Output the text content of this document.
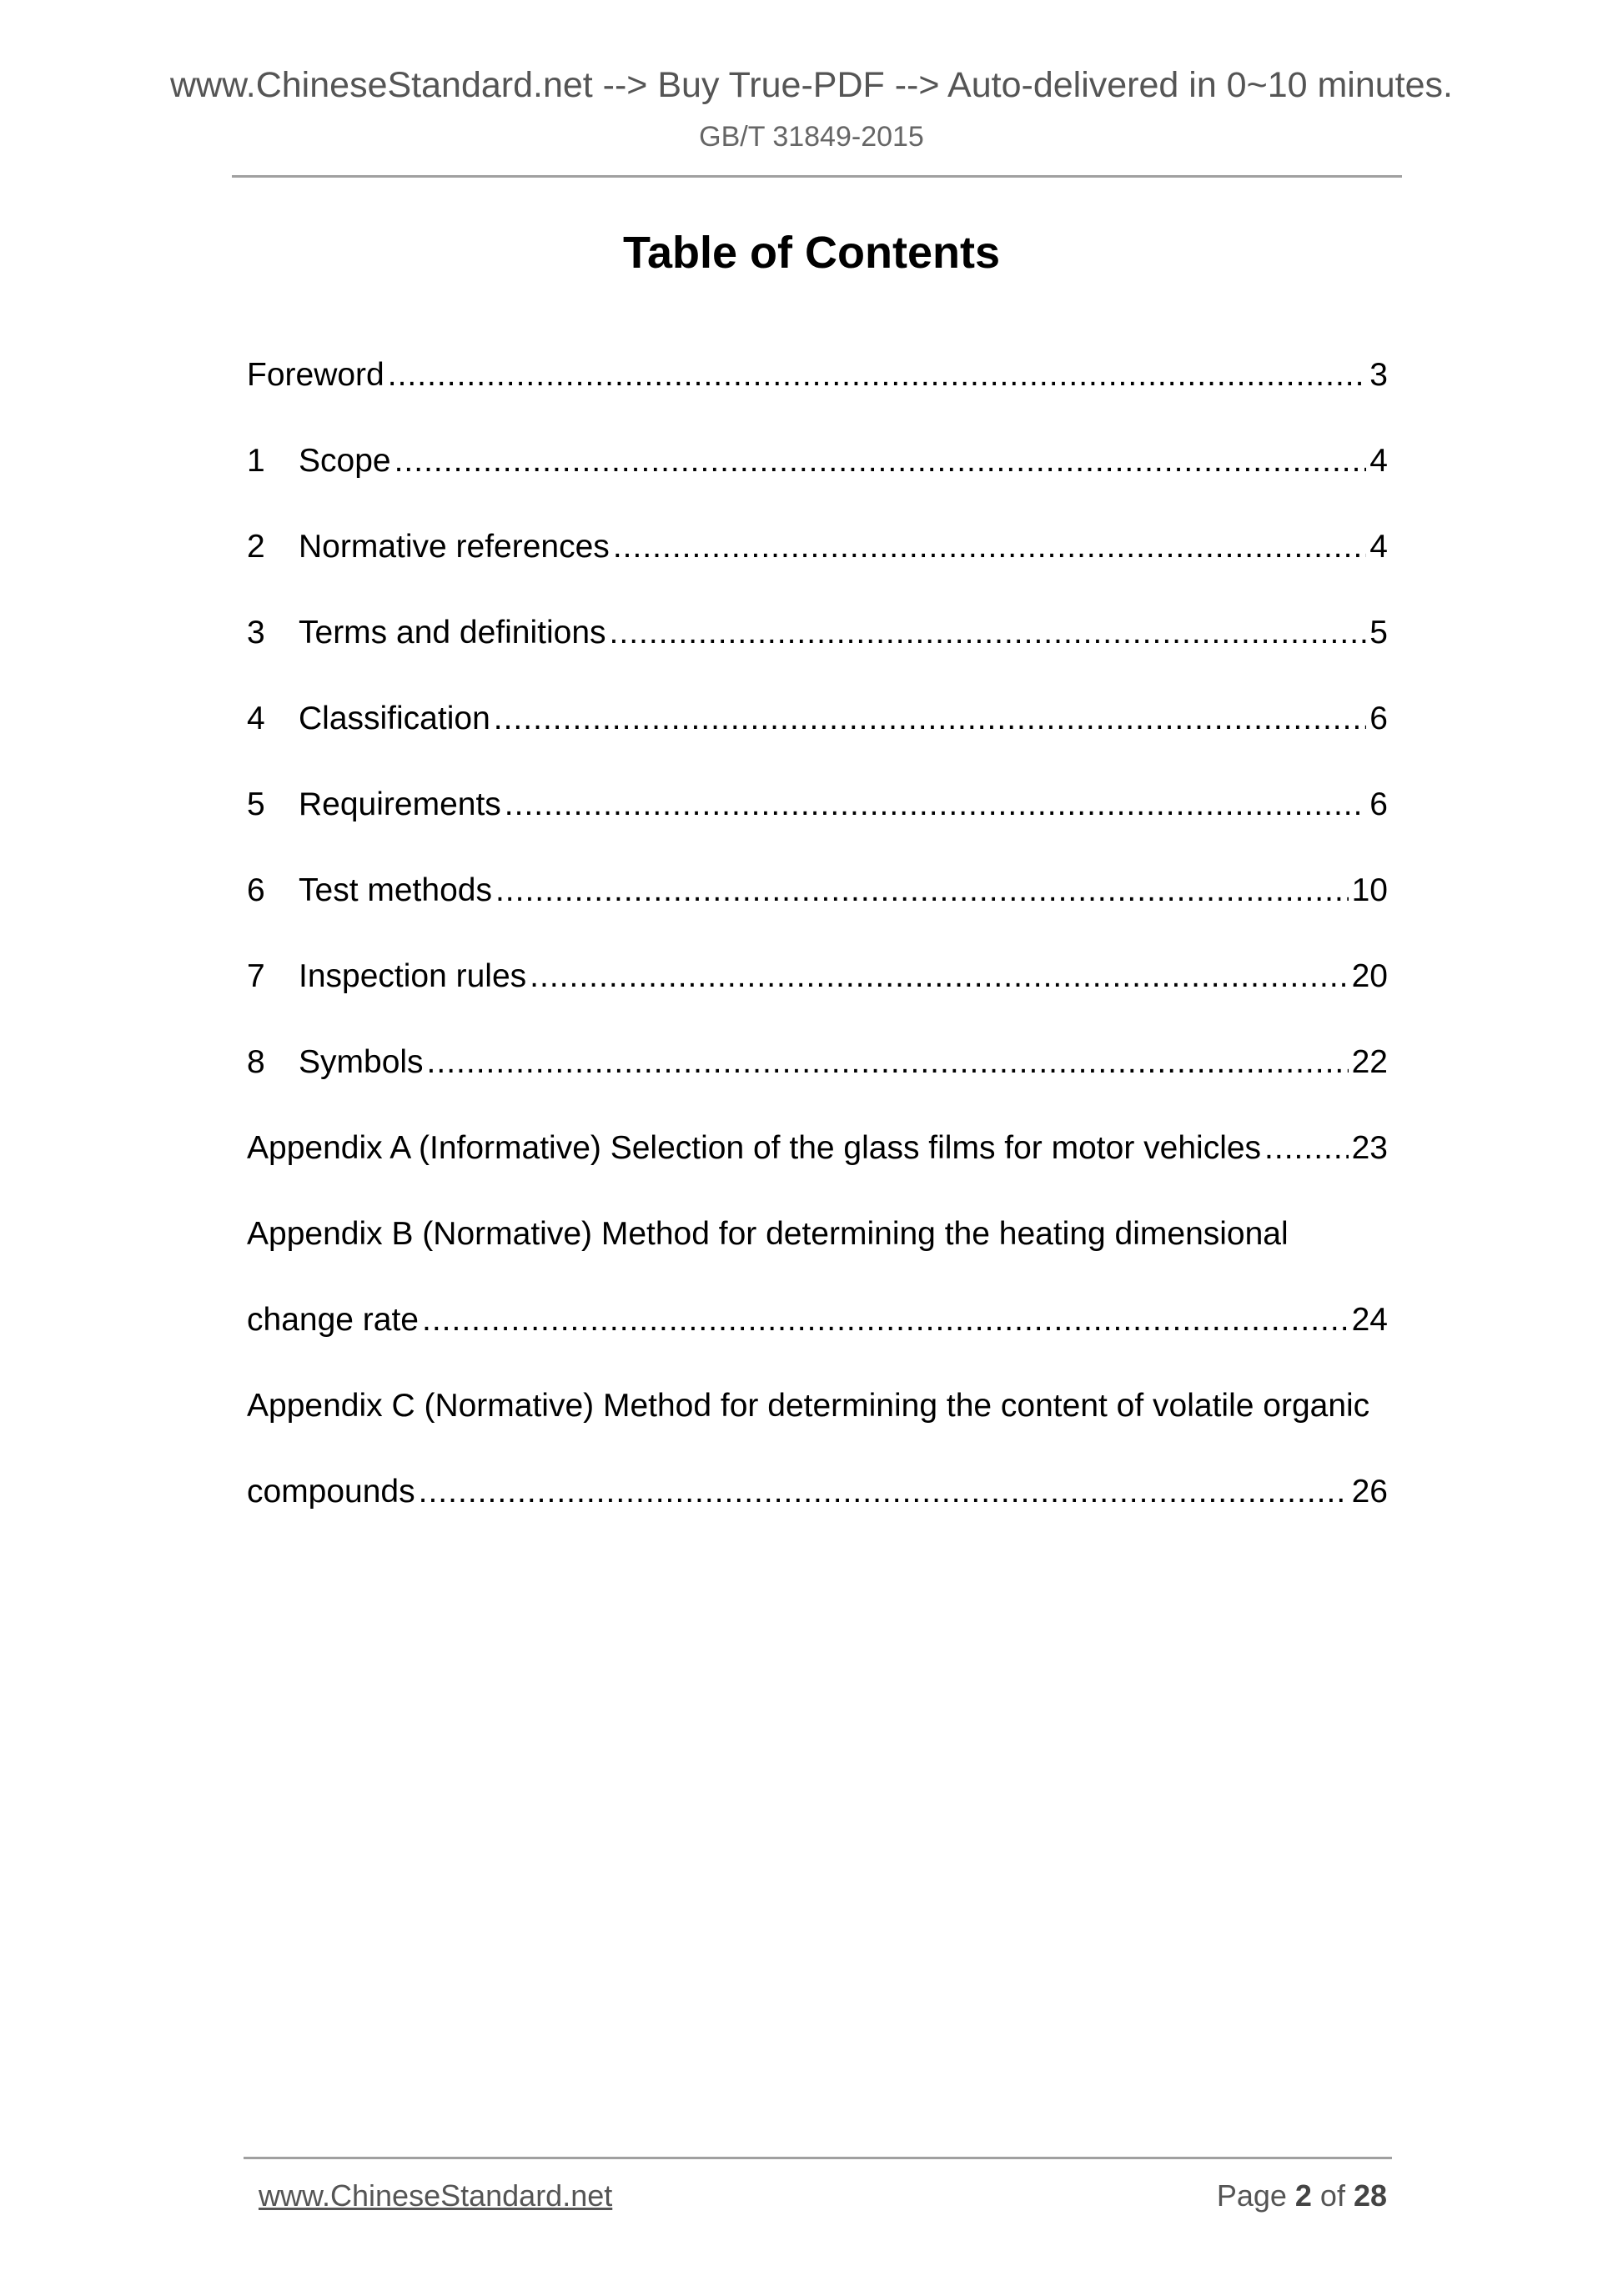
www.ChineseStandard.net --> Buy True-PDF --> Auto-delivered in 0~10 minutes.
GB/T 31849-2015
Table of Contents
Foreword .....	3
1	Scope .....	4
2	Normative references .....	4
3	Terms and definitions .....	5
4	Classification .....	6
5	Requirements .....	6
6	Test methods .....	10
7	Inspection rules .....	20
8	Symbols .....	22
Appendix A (Informative) Selection of the glass films for motor vehicles .....	23
Appendix B (Normative) Method for determining the heating dimensional
change rate .....	24
Appendix C (Normative) Method for determining the content of volatile organic
compounds .....	26
www.ChineseStandard.net	Page 2 of 28
